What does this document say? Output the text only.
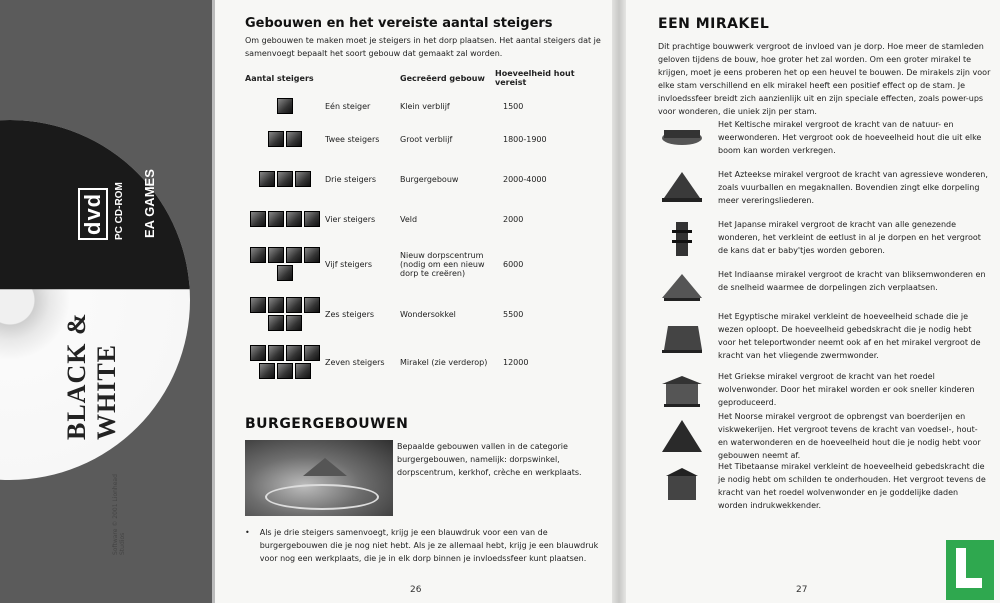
dvd PC CD-ROM EA GAMES
BLACK & WHITE
Software © 2001 Lionhead Studios
Gebouwen en het vereiste aantal steigers
Om gebouwen te maken moet je steigers in het dorp plaatsen. Het aantal steigers dat je samenvoegt bepaalt het soort gebouw dat gemaakt zal worden.
Aantal steigers		Gecreëerd gebouw	Hoeveelheid hout vereist

	Eén steiger	Klein verblijf	1500

	Twee steigers	Groot verblijf	1800-1900

	Drie steigers	Burgergebouw	2000-4000

	Vier steigers	Veld	2000

	Vijf steigers	Nieuw dorpscentrum (nodig om een nieuw dorp te creëren)	6000

	Zes steigers	Wondersokkel	5500

	Zeven steigers	Mirakel (zie verderop)	12000
BURGERGEBOUWEN
Bepaalde gebouwen vallen in de categorie burgergebouwen, namelijk: dorpswinkel, dorpscentrum, kerkhof, crèche en werkplaats.
• Als je drie steigers samenvoegt, krijg je een blauwdruk voor een van de burgergebouwen die je nog niet hebt. Als je ze allemaal hebt, krijg je een blauwdruk voor nog een werkplaats, die je in elk dorp binnen je invloedssfeer kunt plaatsen.
26
EEN MIRAKEL
Dit prachtige bouwwerk vergroot de invloed van je dorp. Hoe meer de stamleden geloven tijdens de bouw, hoe groter het zal worden. Om een groter mirakel te krijgen, moet je eens proberen het op een heuvel te bouwen. De mirakels zijn voor elke stam verschillend en elk mirakel heeft een positief effect op de stam. Je invloedssfeer breidt zich aanzienlijk uit en zijn speciale effecten, zoals power-ups voor wonderen, die uniek zijn per stam.
Het Keltische mirakel vergroot de kracht van de natuur- en weerwonderen. Het vergroot ook de hoeveelheid hout die uit elke boom kan worden verkregen.
Het Azteekse mirakel vergroot de kracht van agressieve wonderen, zoals vuurballen en megaknallen. Bovendien zingt elke dorpeling meer vereringsliederen.
Het Japanse mirakel vergroot de kracht van alle genezende wonderen, het verkleint de eetlust in al je dorpen en het vergroot de kans dat er baby'tjes worden geboren.
Het Indiaanse mirakel vergroot de kracht van bliksemwonderen en de snelheid waarmee de dorpelingen zich verplaatsen.
Het Egyptische mirakel verkleint de hoeveelheid schade die je wezen oploopt. De hoeveelheid gebedskracht die je nodig hebt voor het teleportwonder neemt ook af en het mirakel vergroot de kracht van het vliegende zwermwonder.
Het Griekse mirakel vergroot de kracht van het roedel wolvenwonder. Door het mirakel worden er ook sneller kinderen geproduceerd.
Het Noorse mirakel vergroot de opbrengst van boerderijen en viskwekerijen. Het vergroot tevens de kracht van voedsel-, hout- en waterwonderen en de hoeveelheid hout die je nodig hebt voor gebouwen neemt af.
Het Tibetaanse mirakel verkleint de hoeveelheid gebedskracht die je nodig hebt om schilden te onderhouden. Het vergroot tevens de kracht van het roedel wolvenwonder en je goddelijke daden worden indrukwekkender.
27
